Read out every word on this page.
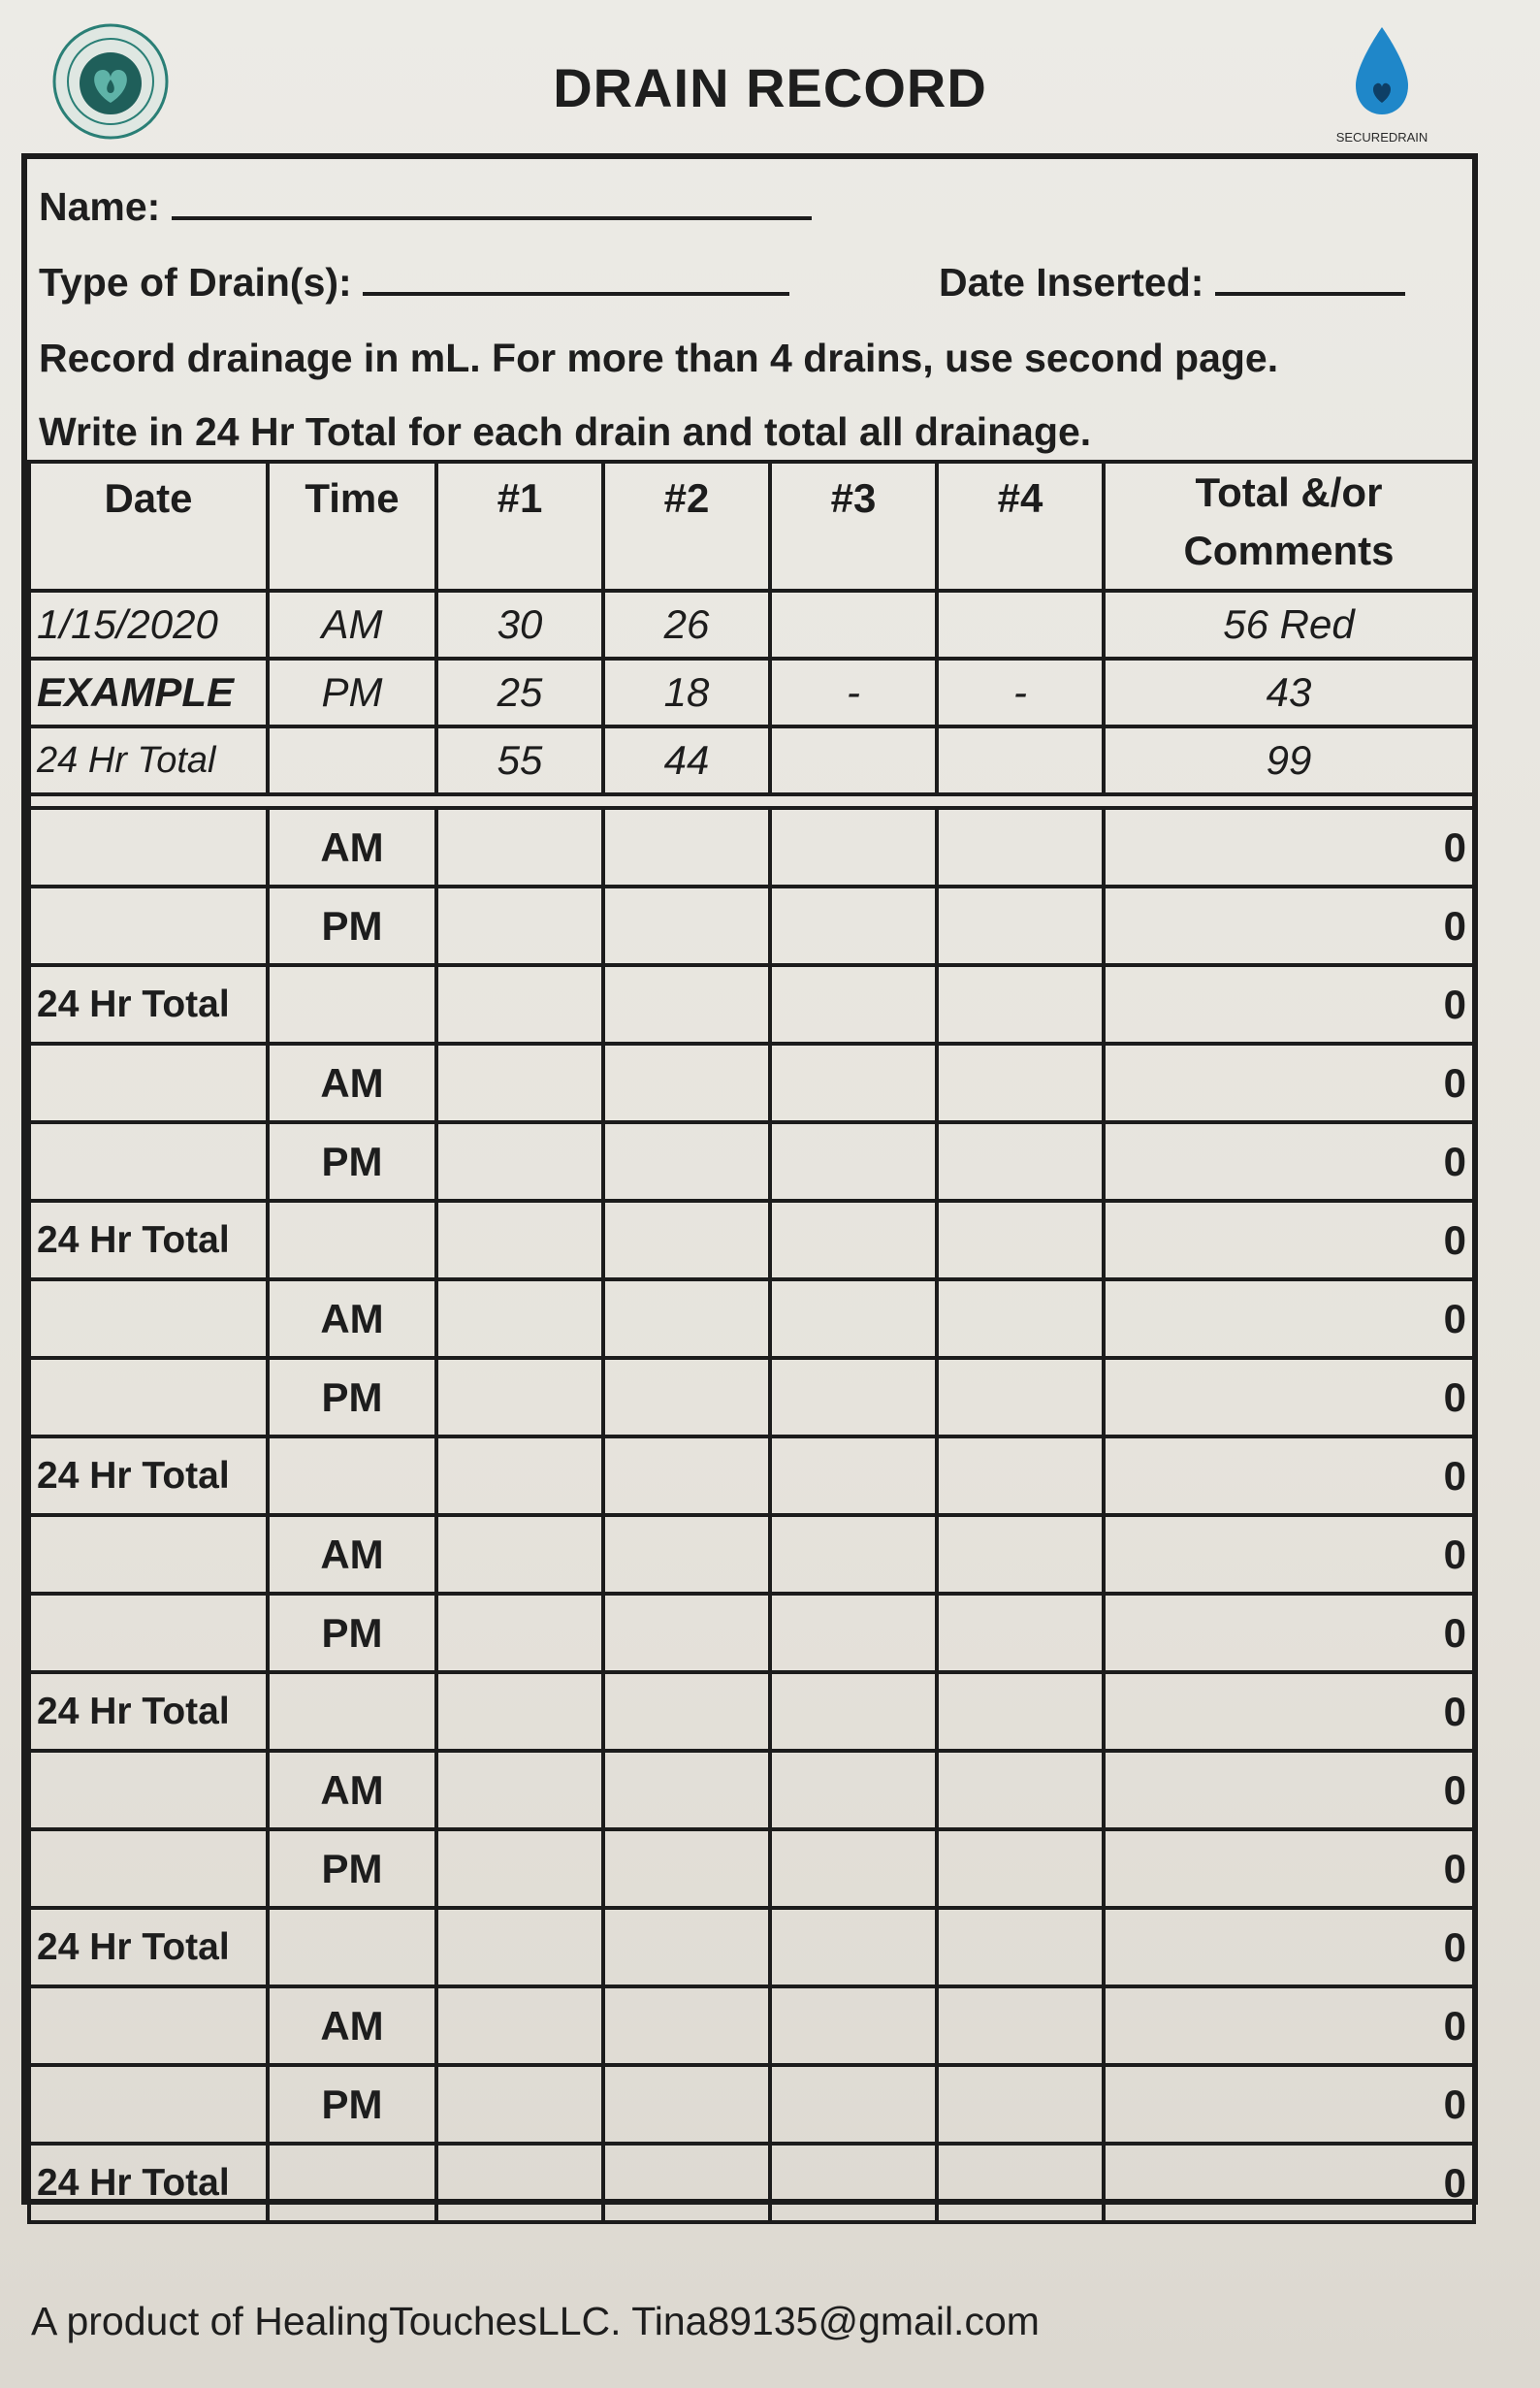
DRAIN RECORD
SECUREDRAIN
Name:
Type of Drain(s):	Date Inserted:
Record drainage in mL. For more than 4 drains, use second page.
Write in 24 Hr Total for each drain and total all drainage.
Date	Time	#1	#2	#3	#4	Total &/or Comments
1/15/2020	AM	30	26			56 Red
EXAMPLE	PM	25	18	-	-	43
24 Hr Total		55	44			99

	AM					0
	PM					0
24 Hr Total						0
	AM					0
	PM					0
24 Hr Total						0
	AM					0
	PM					0
24 Hr Total						0
	AM					0
	PM					0
24 Hr Total						0
	AM					0
	PM					0
24 Hr Total						0
	AM					0
	PM					0
24 Hr Total						0
A product of HealingTouchesLLC. Tina89135@gmail.com
